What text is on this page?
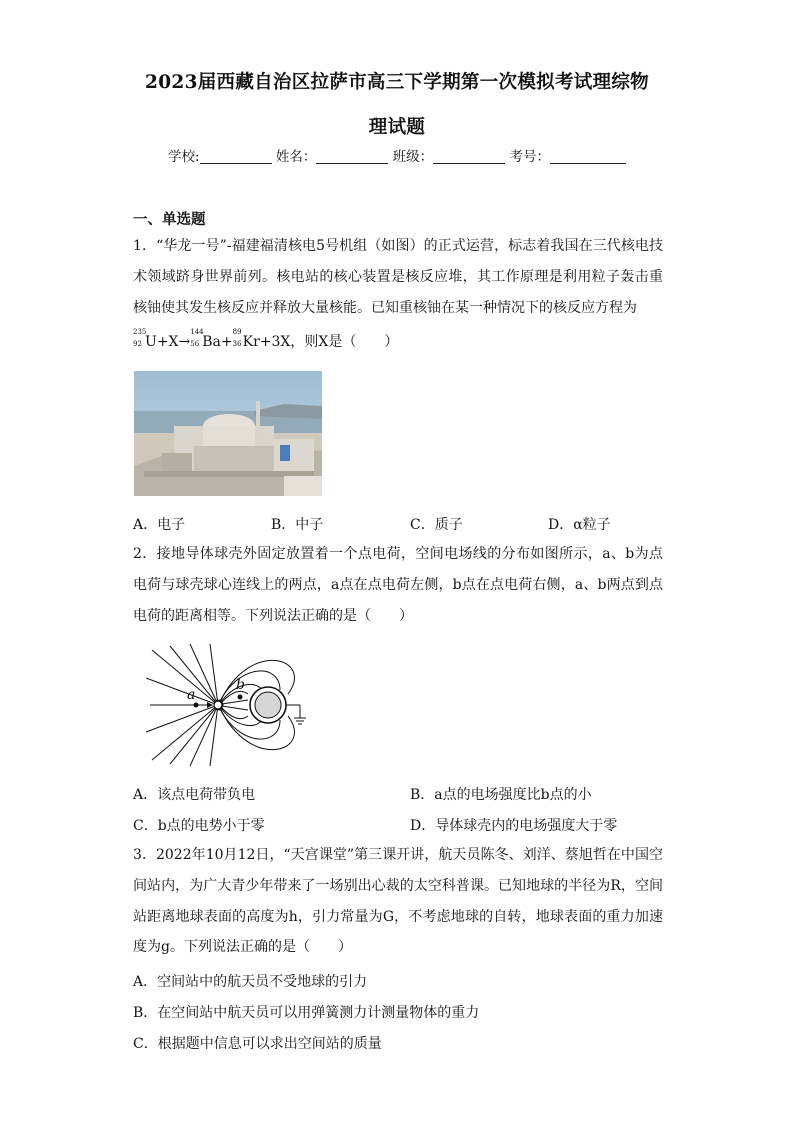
2023届西藏自治区拉萨市高三下学期第一次模拟考试理综物
理试题
学校:	姓名：	班级：	考号：
一、单选题
1．“华龙一号”-福建福清核电5号机组（如图）的正式运营，标志着我国在三代核电技术领域跻身世界前列。核电站的核心装置是核反应堆，其工作原理是利用粒子轰击重核铀使其发生核反应并释放大量核能。已知重核铀在某一种情况下的核反应方程为
235
92 U+X→
144
56 Ba+
89
36 Kr+3X，则X是（　　）
A．电子	B．中子	C．质子	D．α粒子
2．接地导体球壳外固定放置着一个点电荷，空间电场线的分布如图所示，a、b为点电荷与球壳球心连线上的两点，a点在点电荷左侧，b点在点电荷右侧，a、b两点到点电荷的距离相等。下列说法正确的是（　　）
a
b
A．该点电荷带负电	B．a点的电场强度比b点的小
C．b点的电势小于零	D．导体球壳内的电场强度大于零
3．2022年10月12日，“天宫课堂”第三课开讲，航天员陈冬、刘洋、蔡旭哲在中国空间站内，为广大青少年带来了一场别出心裁的太空科普课。已知地球的半径为R，空间站距离地球表面的高度为h，引力常量为G，不考虑地球的自转，地球表面的重力加速度为g。下列说法正确的是（　　）
A．空间站中的航天员不受地球的引力
B．在空间站中航天员可以用弹簧测力计测量物体的重力
C．根据题中信息可以求出空间站的质量
